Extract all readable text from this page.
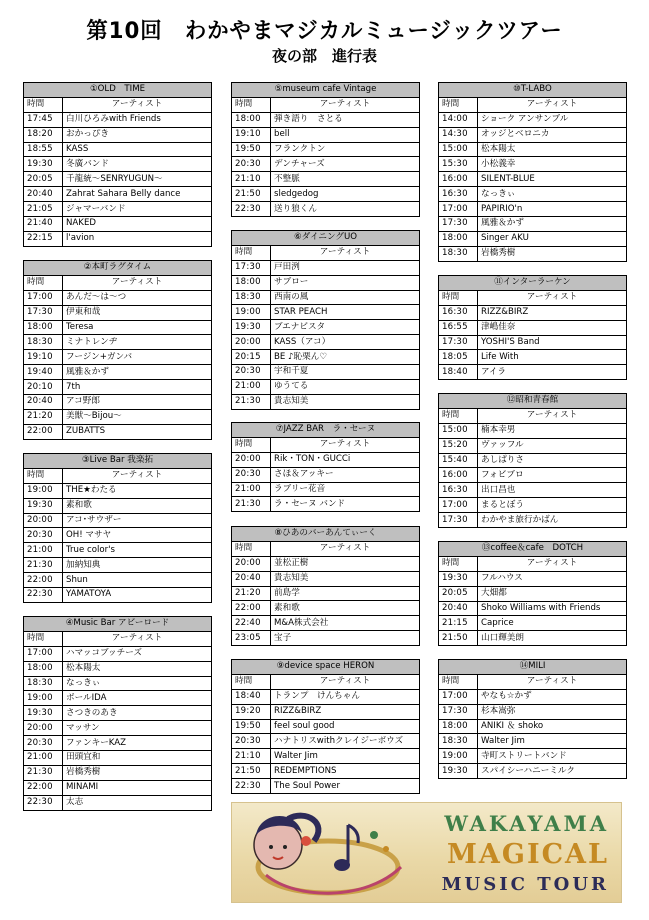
第10回　わかやまマジカルミュージックツアー
夜の部　進行表
①OLD　TIME	
時間	アーティスト
17:45	白川ひろみwith Friends
18:20	おかっぴき
18:55	KASS
19:30	冬廣バンド
20:05	千龍統～SENRYUGUN～
20:40	Zahrat Sahara Belly dance
21:05	ジャマーバンド
21:40	NAKED
22:15	l'avion
②本町ラグタイム	
時間	アーティスト
17:00	あんだ～は～つ
17:30	伊東和哉
18:00	Teresa
18:30	ミナトレンヂ
19:10	フージン+ガンバ
19:40	風雅＆かず
20:10	7th
20:40	アコ野郎
21:20	美獣～Bijou～
22:00	ZUBATTS
③Live Bar 我楽拓	
時間	アーティスト
19:00	THE★わたる
19:30	素和歌
20:00	アコ･サウザー
20:30	OH! マサヤ
21:00	True color's
21:30	加納知典
22:00	Shun
22:30	YAMATOYA
④Music Bar アビーロード	
時間	アーティスト
17:00	ハマッコブッチーズ
18:00	松本陽太
18:30	なっきぃ
19:00	ボールIDA
19:30	さつきのあき
20:00	マッサン
20:30	ファンキーKAZ
21:00	田頭宜和
21:30	岩橋秀樹
22:00	MINAMI
22:30	太志
⑤museum cafe Vintage	
時間	アーティスト
18:00	弾き語り　さとる
19:10	bell
19:50	フランクトン
20:30	デンチャーズ
21:10	不整脈
21:50	sledgedog
22:30	送り狼くん
⑥ダイニングUO	
時間	アーティスト
17:30	戸田洌
18:00	サブロー
18:30	西南の風
19:00	STAR PEACH
19:30	ブエナビスタ
20:00	KASS（アコ）
20:15	BE ♪恥栗ん♡
20:30	宇和千夏
21:00	ゆうてる
21:30	貴志知美
⑦JAZZ BAR　ラ・セーヌ	
時間	アーティスト
20:00	Rik・TON・GUCCi
20:30	さほ＆アッキー
21:00	ラブリー花音
21:30	ラ・セーヌ バンド
⑧ひあのバーあんてぃーく	
時間	アーティスト
20:00	並松正樹
20:40	貴志知美
21:20	前島学
22:00	素和歌
22:40	M&A株式会社
23:05	宝子
⑨device space HERON	
時間	アーティスト
18:40	トランプ　けんちゃん
19:20	RIZZ&BIRZ
19:50	feel soul good
20:30	ハナトリスwithクレイジーボウズ
21:10	Walter Jim
21:50	REDEMPTIONS
22:30	The Soul Power
⑩T-LABO	
時間	アーティスト
14:00	ショーク アンサンブル
14:30	オッジとベロニカ
15:00	松本陽太
15:30	小松義幸
16:00	SILENT-BLUE
16:30	なっきぃ
17:00	PAPIRIO'n
17:30	風雅＆かず
18:00	Singer AKU
18:30	岩橋秀樹
⑪インターラーケン	
時間	アーティスト
16:30	RIZZ&BIRZ
16:55	津嶋佳奈
17:30	YOSHI'S Band
18:05	Life With
18:40	アイラ
⑫昭和青春館	
時間	アーティスト
15:00	楠本幸男
15:20	ヴァッフル
15:40	あしぱりさ
16:00	フォビブロ
16:30	出口昌也
17:00	まるとぼう
17:30	わかやま旅行かばん
⑬coffee＆cafe　DOTCH	
時間	アーティスト
19:30	フルハウス
20:05	大畑都
20:40	Shoko Williams with Friends
21:15	Caprice
21:50	山口輝美朗
⑭MILI	
時間	アーティスト
17:00	やなも☆かず
17:30	杉本嵩弥
18:00	ANIKI ＆ shoko
18:30	Walter Jim
19:00	寺町ストリートバンド
19:30	スパイシーハニーミルク
WAKAYAMA
MAGICAL
MUSIC TOUR
